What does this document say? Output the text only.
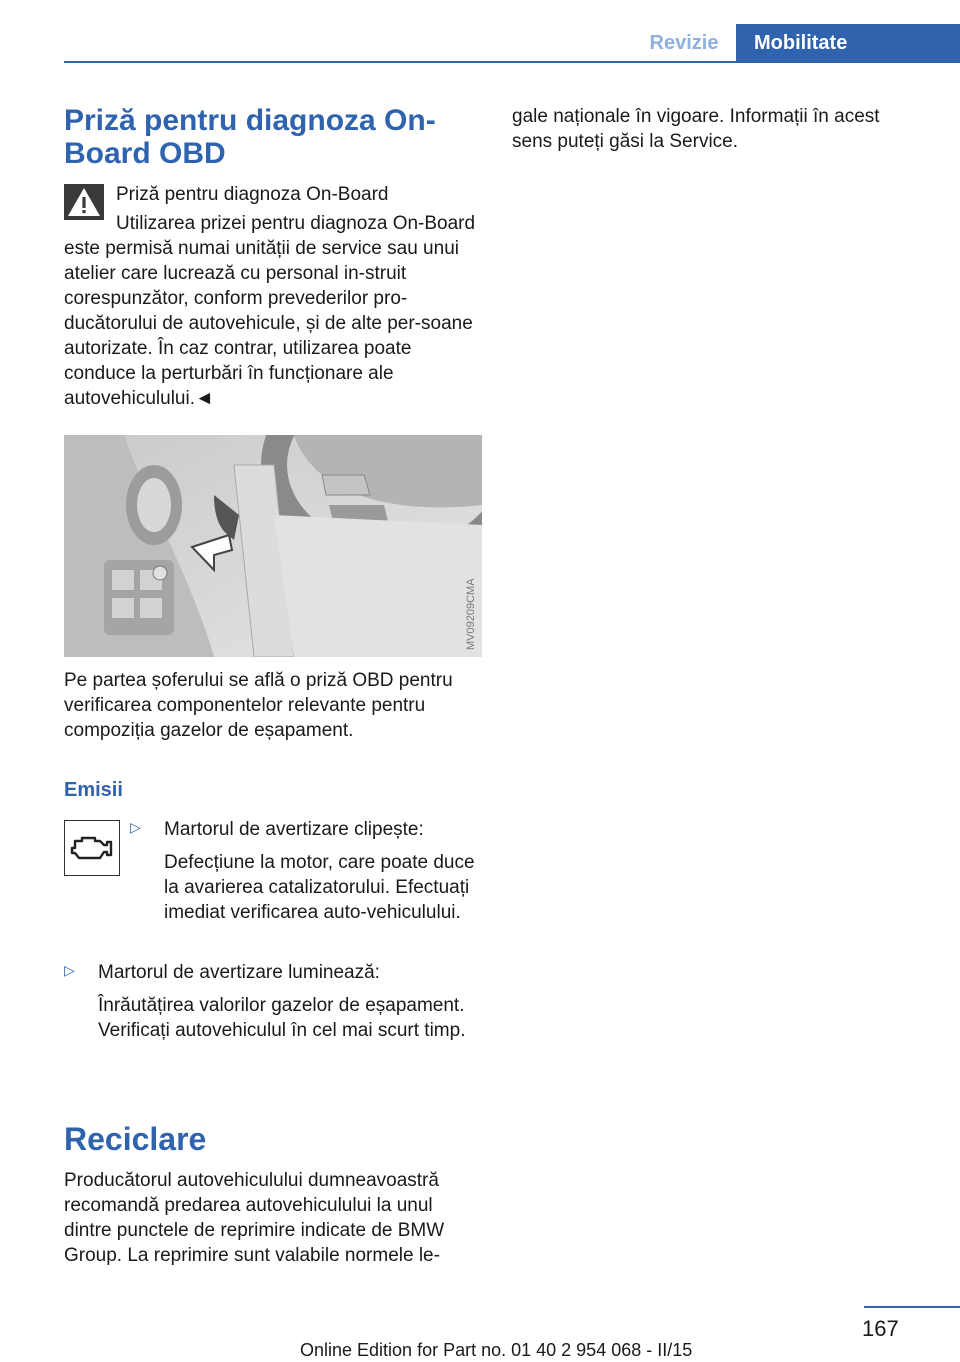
Revizie	Mobilitate
Priză pentru diagnoza On-
Board OBD
Priză pentru diagnoza On-Board

Utilizarea prizei pentru diagnoza On-Board este permisă numai unității de service sau unui atelier care lucrează cu personal in-struit corespunzător, conform prevederilor pro-ducătorului de autovehicule, și de alte per-soane autorizate. În caz contrar, utilizarea poate conduce la perturbări în funcționare ale autovehiculului.◄

MV09209CMA

Pe partea șoferului se află o priză OBD pentru verificarea componentelor relevante pentru compoziția gazelor de eșapament.

Emisii
▷	Martorul de avertizare clipește:
Defecțiune la motor, care poate duce la avarierea catalizatorului. Efectuați imediat verificarea auto-vehiculului.
▷	Martorul de avertizare luminează:
Înrăutățirea valorilor gazelor de eșapament. Verificați autovehiculul în cel mai scurt timp.
Reciclare

Producătorul autovehiculului dumneavoastră recomandă predarea autovehiculului la unul dintre punctele de reprimire indicate de BMW Group. La reprimire sunt valabile normele le-

gale naționale în vigoare. Informații în acest sens puteți găsi la Service.

167
Online Edition for Part no. 01 40 2 954 068 - II/15
